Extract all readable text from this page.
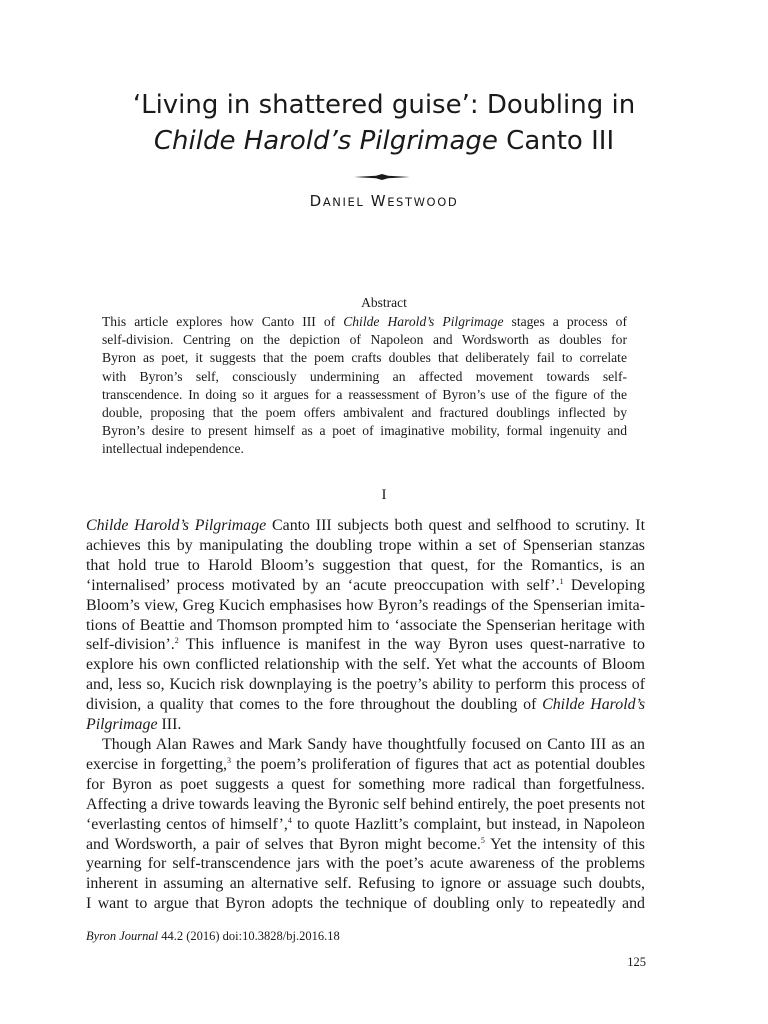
‘Living in shattered guise’: Doubling in
Childe Harold’s Pilgrimage Canto III
DANIEL WESTWOOD
Abstract
This article explores how Canto III of Childe Harold’s Pilgrimage stages a process of
self-division. Centring on the depiction of Napoleon and Wordsworth as doubles for
Byron as poet, it suggests that the poem crafts doubles that deliberately fail to correlate
with Byron’s self, consciously undermining an affected movement towards self-
transcendence. In doing so it argues for a reassessment of Byron’s use of the figure of the
double, proposing that the poem offers ambivalent and fractured doublings inflected by
Byron’s desire to present himself as a poet of imaginative mobility, formal ingenuity and
intellectual independence.
I
Childe Harold’s Pilgrimage Canto III subjects both quest and selfhood to scrutiny. It
achieves this by manipulating the doubling trope within a set of Spenserian stanzas
that hold true to Harold Bloom’s suggestion that quest, for the Romantics, is an
‘internalised’ process motivated by an ‘acute preoccupation with self’.$^1$ Developing
Bloom’s view, Greg Kucich emphasises how Byron’s readings of the Spenserian imita-
tions of Beattie and Thomson prompted him to ‘associate the Spenserian heritage with
self-division’.$^2$ This influence is manifest in the way Byron uses quest-narrative to
explore his own conflicted relationship with the self. Yet what the accounts of Bloom
and, less so, Kucich risk downplaying is the poetry’s ability to perform this process of
division, a quality that comes to the fore throughout the doubling of Childe Harold’s
Pilgrimage III.
Though Alan Rawes and Mark Sandy have thoughtfully focused on Canto III as an
exercise in forgetting,$^3$ the poem’s proliferation of figures that act as potential doubles
for Byron as poet suggests a quest for something more radical than forgetfulness.
Affecting a drive towards leaving the Byronic self behind entirely, the poet presents not
‘everlasting centos of himself’,$^4$ to quote Hazlitt’s complaint, but instead, in Napoleon
and Wordsworth, a pair of selves that Byron might become.$^5$ Yet the intensity of this
yearning for self-transcendence jars with the poet’s acute awareness of the problems
inherent in assuming an alternative self. Refusing to ignore or assuage such doubts,
I want to argue that Byron adopts the technique of doubling only to repeatedly and
Byron Journal 44.2 (2016) doi:10.3828/bj.2016.18
125
